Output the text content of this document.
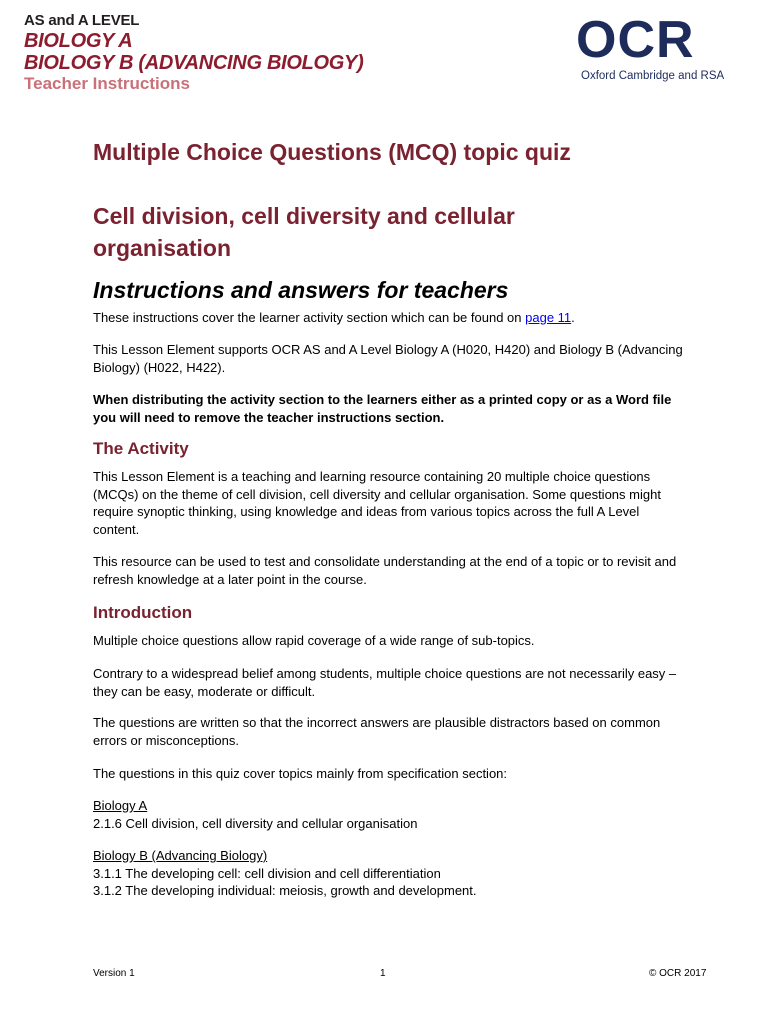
AS and A LEVEL
BIOLOGY A
BIOLOGY B (ADVANCING BIOLOGY)
Teacher Instructions
OCR
Oxford Cambridge and RSA
Multiple Choice Questions (MCQ) topic quiz
Cell division, cell diversity and cellular organisation
Instructions and answers for teachers
These instructions cover the learner activity section which can be found on page 11.
This Lesson Element supports OCR AS and A Level Biology A (H020, H420) and Biology B (Advancing Biology) (H022, H422).
When distributing the activity section to the learners either as a printed copy or as a Word file you will need to remove the teacher instructions section.
The Activity
This Lesson Element is a teaching and learning resource containing 20 multiple choice questions (MCQs) on the theme of cell division, cell diversity and cellular organisation. Some questions might require synoptic thinking, using knowledge and ideas from various topics across the full A Level content.
This resource can be used to test and consolidate understanding at the end of a topic or to revisit and refresh knowledge at a later point in the course.
Introduction
Multiple choice questions allow rapid coverage of a wide range of sub-topics.
Contrary to a widespread belief among students, multiple choice questions are not necessarily easy – they can be easy, moderate or difficult.
The questions are written so that the incorrect answers are plausible distractors based on common errors or misconceptions.
The questions in this quiz cover topics mainly from specification section:
Biology A
2.1.6 Cell division, cell diversity and cellular organisation
Biology B (Advancing Biology)
3.1.1 The developing cell: cell division and cell differentiation
3.1.2 The developing individual: meiosis, growth and development.
Version 1	1	© OCR 2017
